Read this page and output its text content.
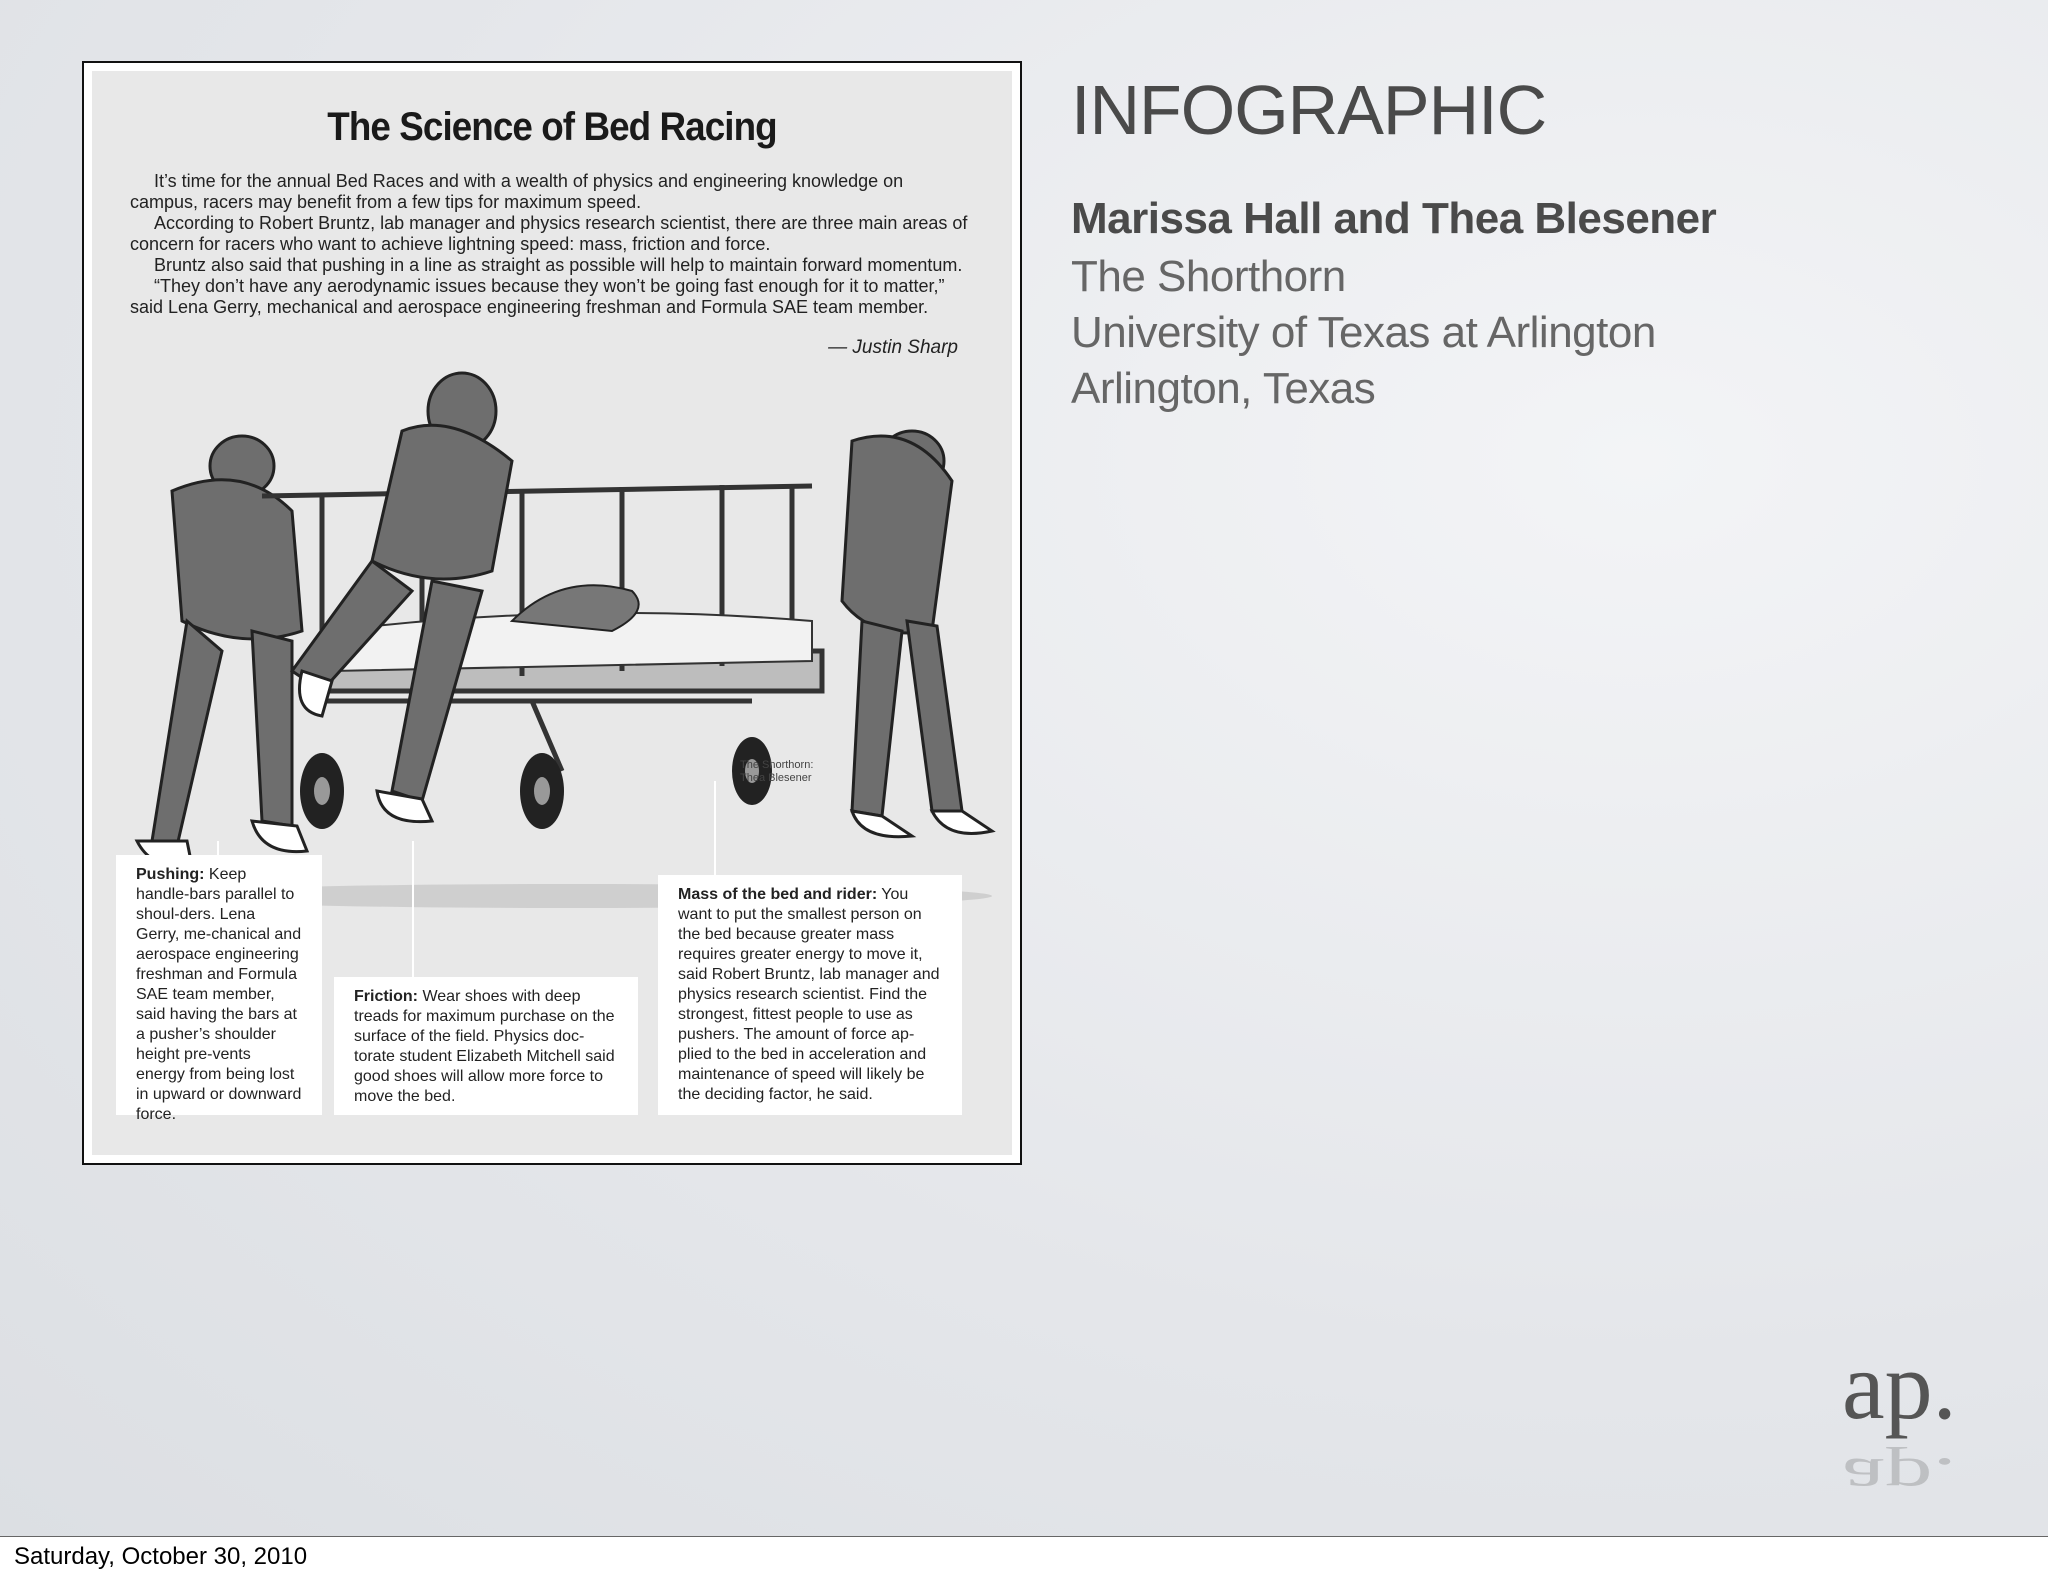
The Science of Bed Racing

It’s time for the annual Bed Races and with a wealth of physics and engineering knowledge on campus, racers may benefit from a few tips for maximum speed.

According to Robert Bruntz, lab manager and physics research scientist, there are three main areas of concern for racers who want to achieve lightning speed: mass, friction and force.

Bruntz also said that pushing in a line as straight as possible will help to maintain forward momentum.

“They don’t have any aerodynamic issues because they won’t be going fast enough for it to matter,” said Lena Gerry, mechanical and aerospace engineering freshman and Formula SAE team member.

— Justin Sharp
The Shorthorn:
Thea Blesener
Pushing: Keep handle-bars parallel to shoul-ders. Lena Gerry, me-chanical and aerospace engineering freshman and Formula SAE team member, said having the bars at a pusher’s shoulder height pre-vents energy from being lost in upward or downward force.
Friction: Wear shoes with deep treads for maximum purchase on the surface of the field. Physics doc-torate student Elizabeth Mitchell said good shoes will allow more force to move the bed.
Mass of the bed and rider: You want to put the smallest person on the bed because greater mass requires greater energy to move it, said Robert Bruntz, lab manager and physics research scientist. Find the strongest, fittest people to use as pushers. The amount of force ap-plied to the bed in acceleration and maintenance of speed will likely be the deciding factor, he said.
INFOGRAPHIC
Marissa Hall and Thea Blesener
The Shorthorn
University of Texas at Arlington
Arlington, Texas
ap.
ap.
Saturday, October 30, 2010
